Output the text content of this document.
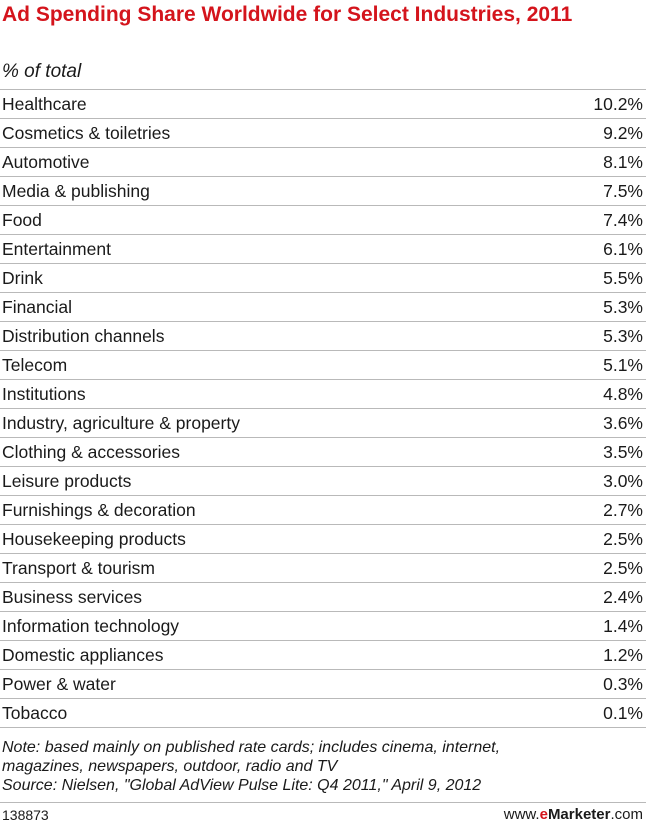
Ad Spending Share Worldwide for Select Industries, 2011
% of total
Healthcare	10.2%
Cosmetics & toiletries	9.2%
Automotive	8.1%
Media & publishing	7.5%
Food	7.4%
Entertainment	6.1%
Drink	5.5%
Financial	5.3%
Distribution channels	5.3%
Telecom	5.1%
Institutions	4.8%
Industry, agriculture & property	3.6%
Clothing & accessories	3.5%
Leisure products	3.0%
Furnishings & decoration	2.7%
Housekeeping products	2.5%
Transport & tourism	2.5%
Business services	2.4%
Information technology	1.4%
Domestic appliances	1.2%
Power & water	0.3%
Tobacco	0.1%
Note: based mainly on published rate cards; includes cinema, internet,
magazines, newspapers, outdoor, radio and TV
Source: Nielsen, "Global AdView Pulse Lite: Q4 2011," April 9, 2012
138873	www.eMarketer.com
